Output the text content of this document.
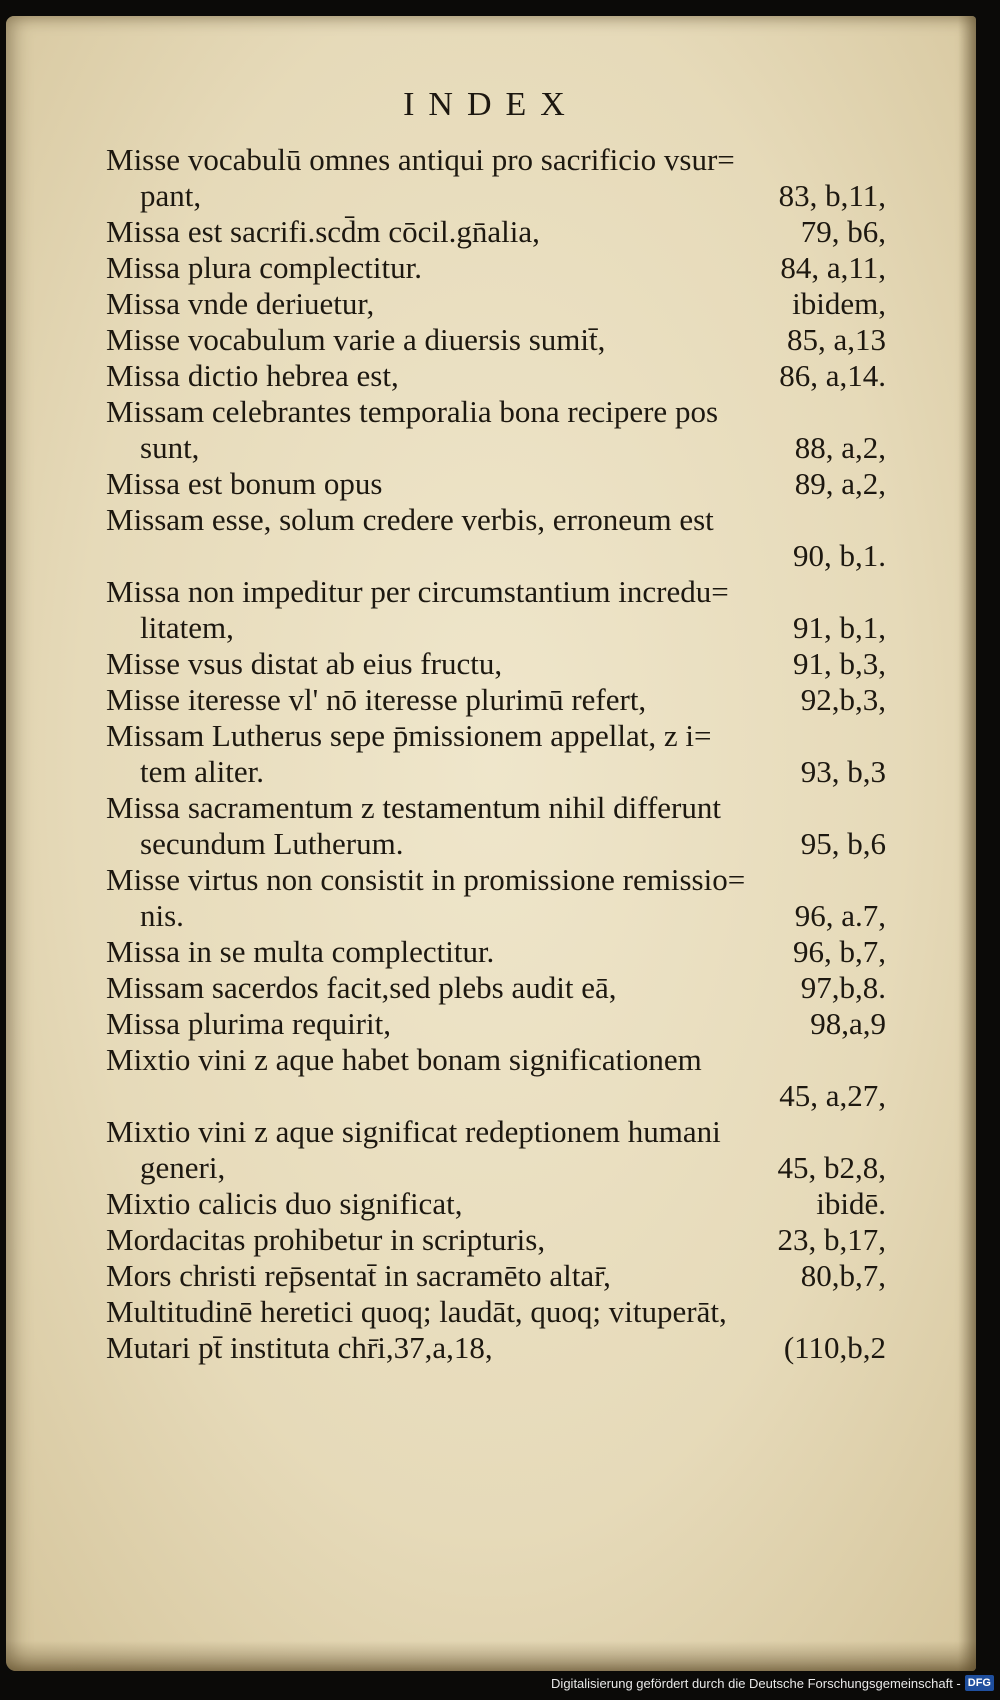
INDEX
Misse vocabulū omnes antiqui pro sacrificio vsur=
pant,	83, b,11,
Missa est sacrifi.scd̄m cōcil.gn̄alia,	79, b6,
Missa plura complectitur.	84, a,11,
Missa vnde deriuetur,	ibidem,
Misse vocabulum varie a diuersis sumit̄,	85, a,13
Missa dictio hebrea est,	86, a,14.
Missam celebrantes temporalia bona recipere pos
sunt,	88, a,2,
Missa est bonum opus	89, a,2,
Missam esse, solum credere verbis, erroneum est
90, b,1.
Missa non impeditur per circumstantium incredu=
litatem,	91, b,1,
Misse vsus distat ab eius fructu,	91, b,3,
Misse iteresse vl' nō iteresse plurimū refert,	92,b,3,
Missam Lutherus sepe p̄missionem appellat, z i=
tem aliter.	93, b,3
Missa sacramentum z testamentum nihil differunt
secundum Lutherum.	95, b,6
Misse virtus non consistit in promissione remissio=
nis.	96, a.7,
Missa in se multa complectitur.	96, b,7,
Missam sacerdos facit,sed plebs audit eā,	97,b,8.
Missa plurima requirit,	98,a,9
Mixtio vini z aque habet bonam significationem
45, a,27,
Mixtio vini z aque significat redeptionem humani
generi,	45, b2,8,
Mixtio calicis duo significat,	ibidē.
Mordacitas prohibetur in scripturis,	23, b,17,
Mors christi rep̄sentat̄ in sacramēto altar̄,	80,b,7,
Multitudinē heretici quoq; laudāt, quoq; vituperāt,
Mutari pt̄ instituta chr̄i,37,a,18,	(110,b,2
Digitalisierung gefördert durch die Deutsche Forschungsgemeinschaft - DFG
